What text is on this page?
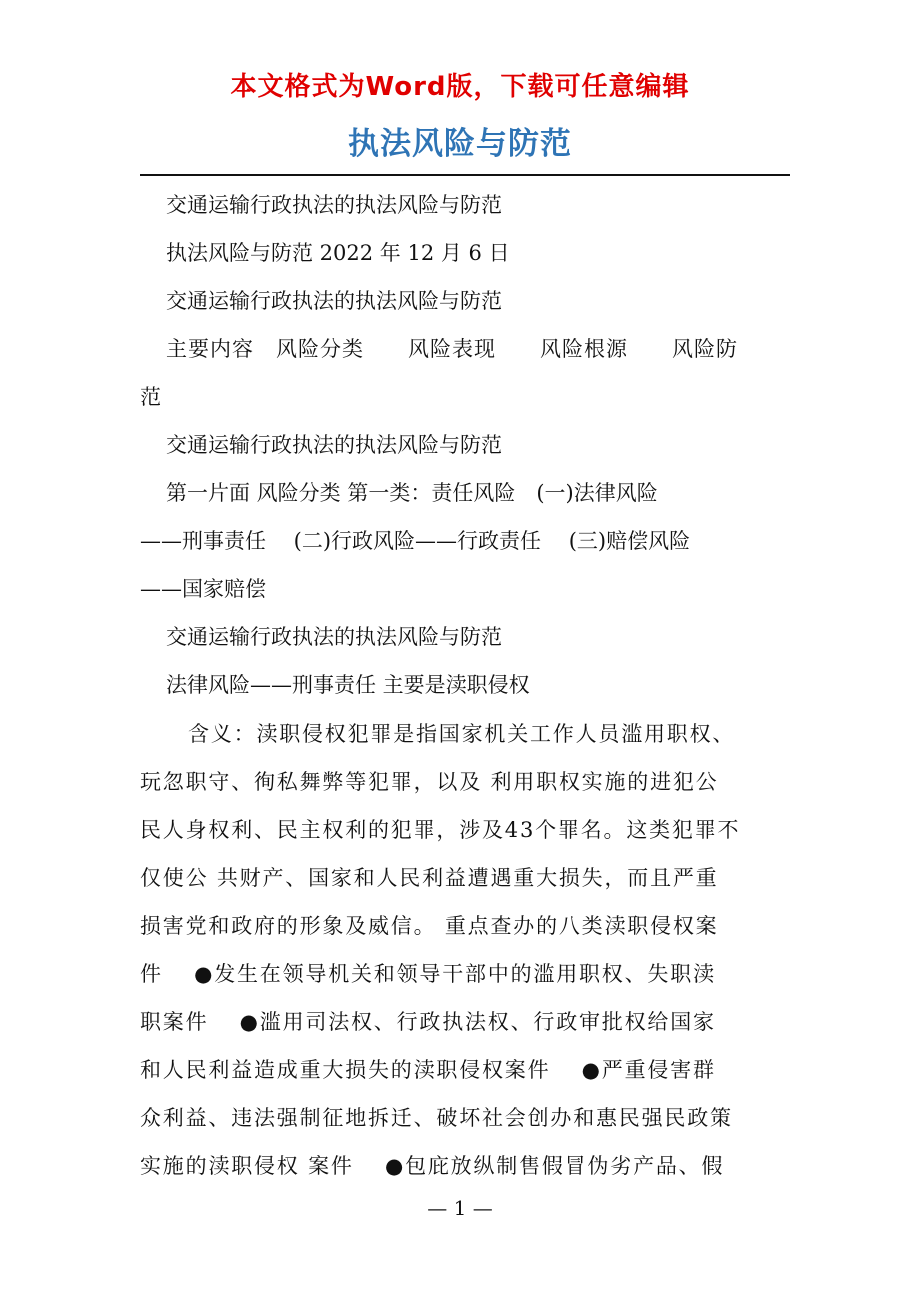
本文格式为Word版，下载可任意编辑
执法风险与防范
交通运输行政执法的执法风险与防范
执法风险与防范 2022 年 12 月 6 日
交通运输行政执法的执法风险与防范
主要内容　风险分类　　风险表现　　风险根源　　风险防
范
交通运输行政执法的执法风险与防范
第一片面 风险分类 第一类：责任风险　(一)法律风险
——刑事责任　 (二)行政风险——行政责任　 (三)赔偿风险
——国家赔偿
交通运输行政执法的执法风险与防范
法律风险——刑事责任 主要是渎职侵权
含义：渎职侵权犯罪是指国家机关工作人员滥用职权、
玩忽职守、徇私舞弊等犯罪，以及 利用职权实施的进犯公
民人身权利、民主权利的犯罪，涉及43个罪名。这类犯罪不
仅使公 共财产、国家和人民利益遭遇重大损失，而且严重
损害党和政府的形象及威信。 重点查办的八类渎职侵权案
件　 ●发生在领导机关和领导干部中的滥用职权、失职渎
职案件　 ●滥用司法权、行政执法权、行政审批权给国家
和人民利益造成重大损失的渎职侵权案件　 ●严重侵害群
众利益、违法强制征地拆迁、破坏社会创办和惠民强民政策
实施的渎职侵权 案件　 ●包庇放纵制售假冒伪劣产品、假
— 1 —
